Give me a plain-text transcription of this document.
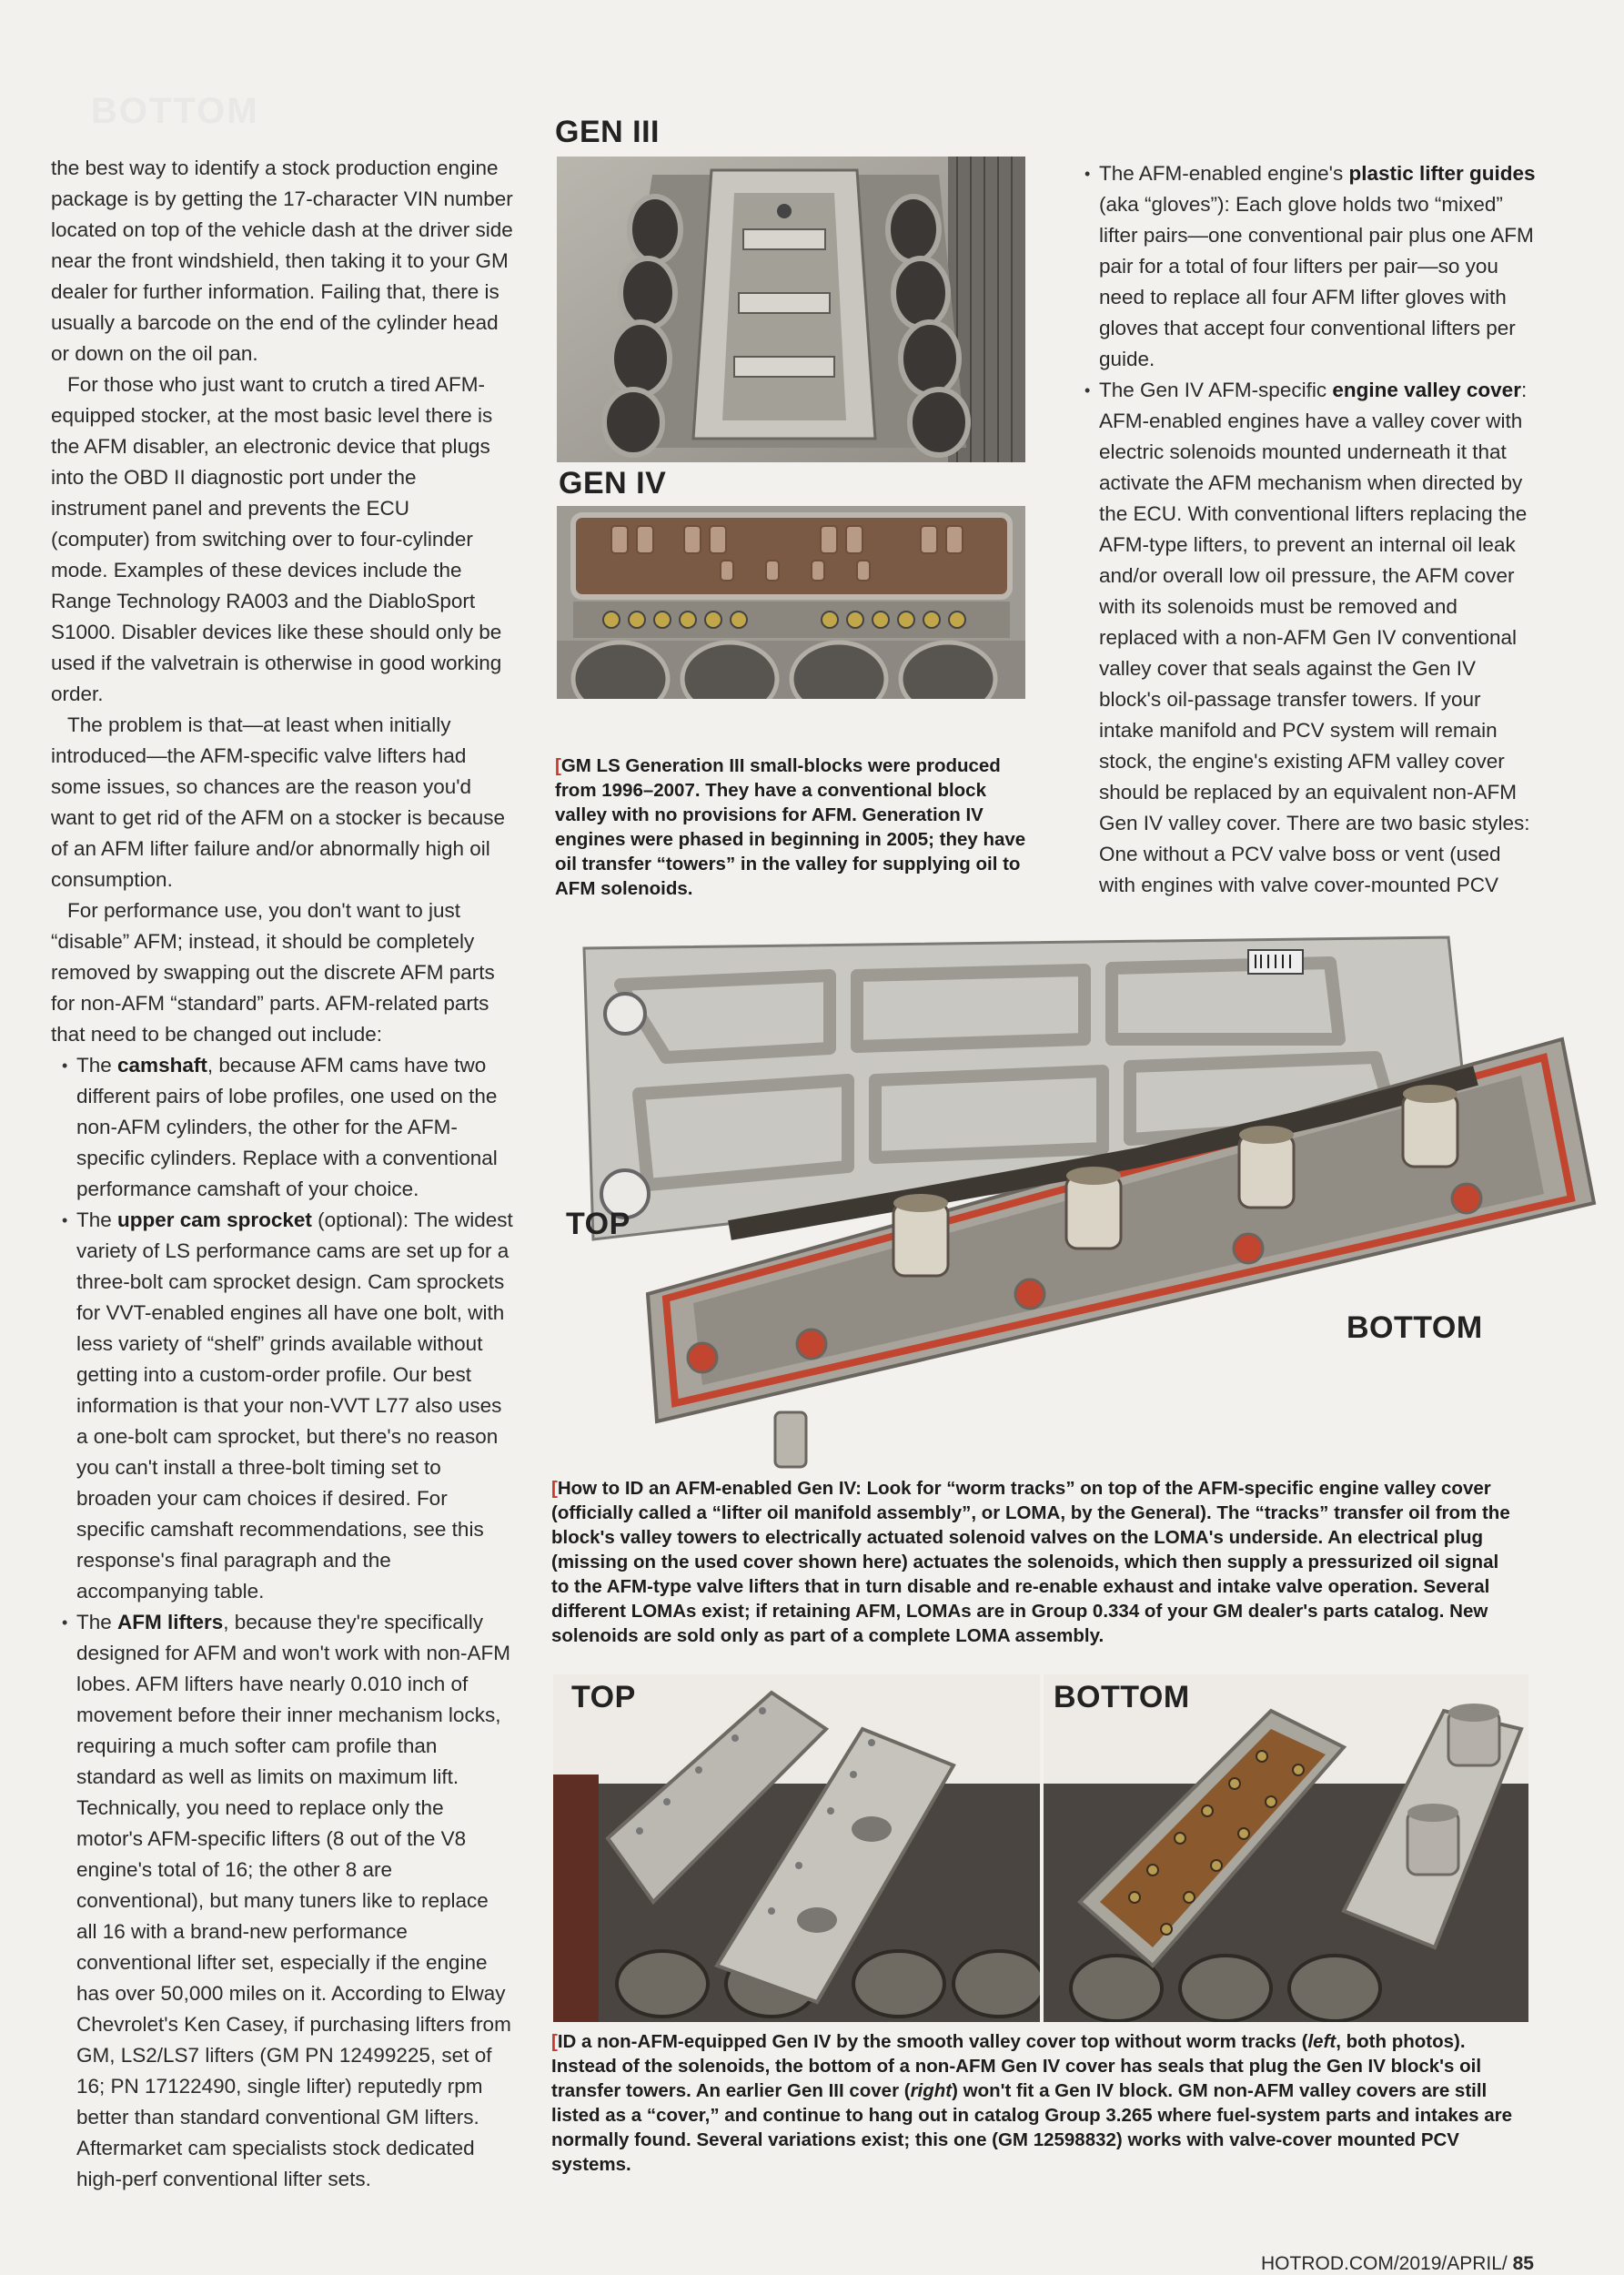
BOTTOM

the best way to identify a stock production engine package is by getting the 17-character VIN number located on top of the vehicle dash at the driver side near the front windshield, then taking it to your GM dealer for further information. Failing that, there is usually a barcode on the end of the cylinder head or down on the oil pan.

For those who just want to crutch a tired AFM-equipped stocker, at the most basic level there is the AFM disabler, an electronic device that plugs into the OBD II diagnostic port under the instrument panel and prevents the ECU (computer) from switching over to four-cylinder mode. Examples of these devices include the Range Technology RA003 and the DiabloSport S1000. Disabler devices like these should only be used if the valvetrain is otherwise in good working order.

The problem is that—at least when initially introduced—the AFM-specific valve lifters had some issues, so chances are the reason you'd want to get rid of the AFM on a stocker is because of an AFM lifter failure and/or abnormally high oil consumption.

For performance use, you don't want to just “disable” AFM; instead, it should be completely removed by swapping out the discrete AFM parts for non-AFM “standard” parts. AFM-related parts that need to be changed out include:

• The camshaft, because AFM cams have two different pairs of lobe profiles, one used on the non-AFM cylinders, the other for the AFM-specific cylinders. Replace with a conventional performance camshaft of your choice.

• The upper cam sprocket (optional): The widest variety of LS performance cams are set up for a three-bolt cam sprocket design. Cam sprockets for VVT-enabled engines all have one bolt, with less variety of “shelf” grinds available without getting into a custom-order profile. Our best information is that your non-VVT L77 also uses a one-bolt cam sprocket, but there's no reason you can't install a three-bolt timing set to broaden your cam choices if desired. For specific camshaft recommendations, see this response's final paragraph and the accompanying table.

• The AFM lifters, because they're specifically designed for AFM and won't work with non-AFM lobes. AFM lifters have nearly 0.010 inch of movement before their inner mechanism locks, requiring a much softer cam profile than standard as well as limits on maximum lift. Technically, you need to replace only the motor's AFM-specific lifters (8 out of the V8 engine's total of 16; the other 8 are conventional), but many tuners like to replace all 16 with a brand-new performance conventional lifter set, especially if the engine has over 50,000 miles on it. According to Elway Chevrolet's Ken Casey, if purchasing lifters from GM, LS2/LS7 lifters (GM PN 12499225, set of 16; PN 17122490, single lifter) reputedly rpm better than standard conventional GM lifters. Aftermarket cam specialists stock dedicated high-perf conventional lifter sets.

• The AFM-enabled engine's plastic lifter guides (aka “gloves”): Each glove holds two “mixed” lifter pairs—one conventional pair plus one AFM pair for a total of four lifters per pair—so you need to replace all four AFM lifter gloves with gloves that accept four conventional lifters per guide.

• The Gen IV AFM-specific engine valley cover: AFM-enabled engines have a valley cover with electric solenoids mounted underneath it that activate the AFM mechanism when directed by the ECU. With conventional lifters replacing the AFM-type lifters, to prevent an internal oil leak and/or overall low oil pressure, the AFM cover with its solenoids must be removed and replaced with a non-AFM Gen IV conventional valley cover that seals against the Gen IV block's oil-passage transfer towers. If your intake manifold and PCV system will remain stock, the engine's existing AFM valley cover should be replaced by an equivalent non-AFM Gen IV valley cover. There are two basic styles: One without a PCV valve boss or vent (used with engines with valve cover-mounted PCV

GEN III
GEN IV
[GM LS Generation III small-blocks were produced from 1996–2007. They have a conventional block valley with no provisions for AFM. Generation IV engines were phased in beginning in 2005; they have oil transfer “towers” in the valley for supplying oil to AFM solenoids.
TOP
BOTTOM
[How to ID an AFM-enabled Gen IV: Look for “worm tracks” on top of the AFM-specific engine valley cover (officially called a “lifter oil manifold assembly”, or LOMA, by the General). The “tracks” transfer oil from the block's valley towers to electrically actuated solenoid valves on the LOMA's underside. An electrical plug (missing on the used cover shown here) actuates the solenoids, which then supply a pressurized oil signal to the AFM-type valve lifters that in turn disable and re-enable exhaust and intake valve operation. Several different LOMAs exist; if retaining AFM, LOMAs are in Group 0.334 of your GM dealer's parts catalog. New solenoids are sold only as part of a complete LOMA assembly.
TOP	BOTTOM
[ID a non-AFM-equipped Gen IV by the smooth valley cover top without worm tracks (left, both photos). Instead of the solenoids, the bottom of a non-AFM Gen IV cover has seals that plug the Gen IV block's oil transfer towers. An earlier Gen III cover (right) won't fit a Gen IV block. GM non-AFM valley covers are still listed as a “cover,” and continue to hang out in catalog Group 3.265 where fuel-system parts and intakes are normally found. Several variations exist; this one (GM 12598832) works with valve-cover mounted PCV systems.
HOTROD.COM/2019/APRIL/ 85
